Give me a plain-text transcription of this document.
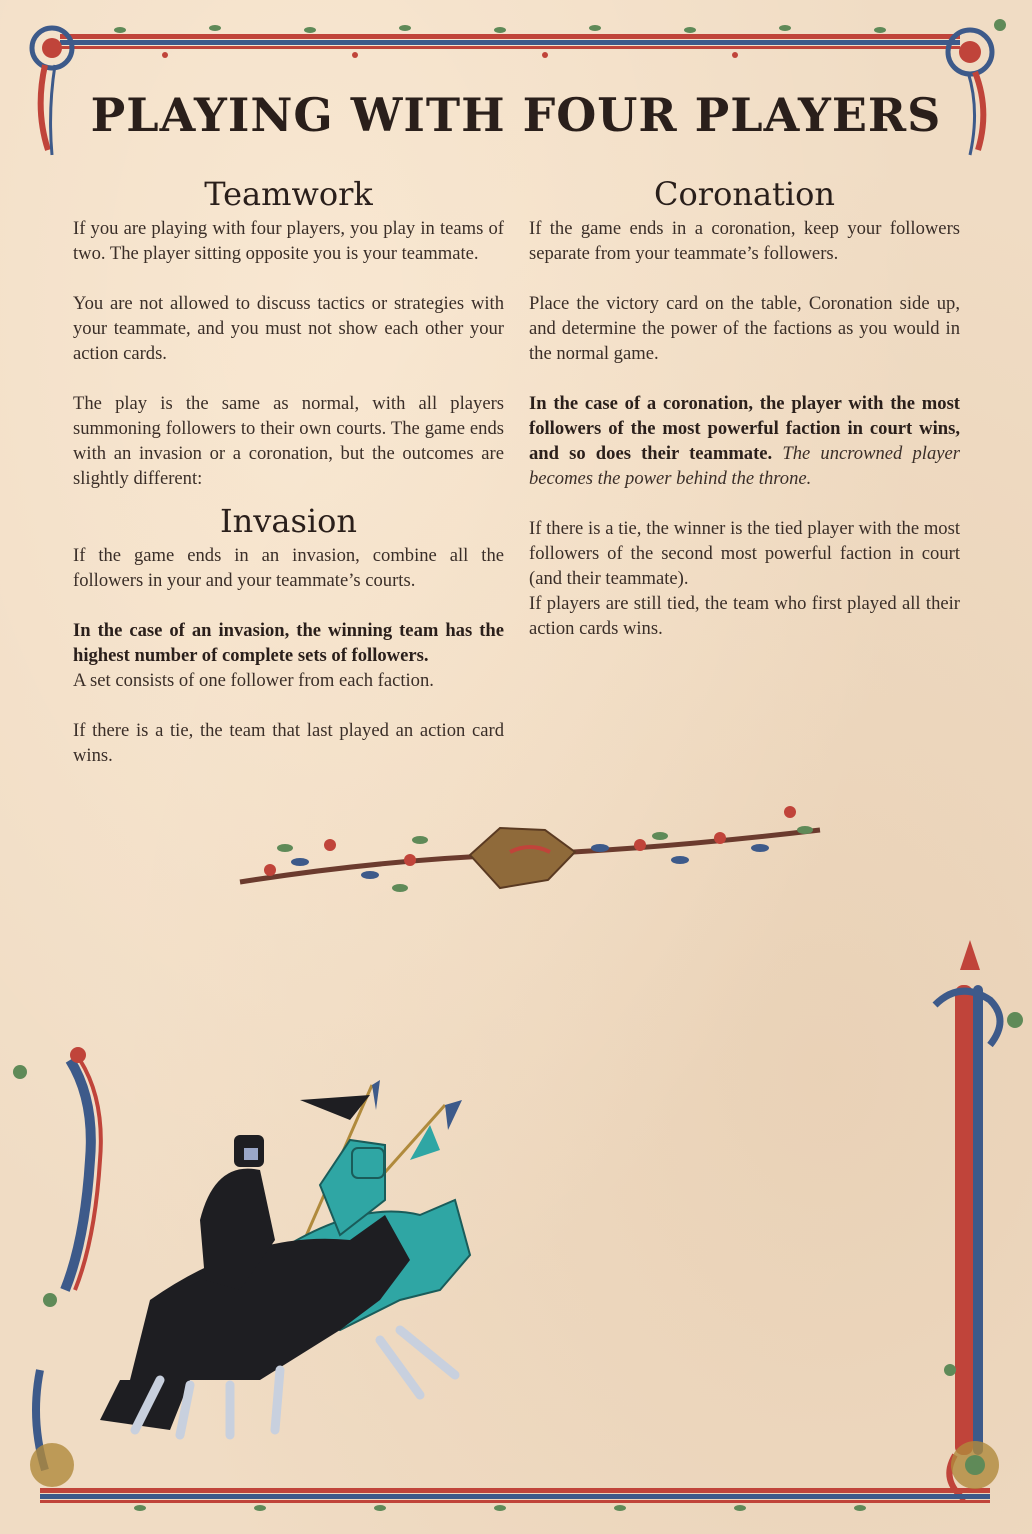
PLAYING WITH FOUR PLAYERS
Teamwork

If you are playing with four players, you play in teams of two. The player sitting opposite you is your teammate.

You are not allowed to discuss tactics or strategies with your teammate, and you must not show each other your action cards.

The play is the same as normal, with all players summoning followers to their own courts. The game ends with an invasion or a coronation, but the outcomes are slightly different:

Invasion

If the game ends in an invasion, combine all the followers in your and your teammate’s courts.

In the case of an invasion, the winning team has the highest number of complete sets of followers.

A set consists of one follower from each faction.

If there is a tie, the team that last played an action card wins.

Coronation

If the game ends in a coronation, keep your followers separate from your teammate’s followers.

Place the victory card on the table, Coronation side up, and determine the power of the factions as you would in the normal game.

In the case of a coronation, the player with the most followers of the most powerful faction in court wins, and so does their teammate. The uncrowned player becomes the power behind the throne.

If there is a tie, the winner is the tied player with the most followers of the second most powerful faction in court (and their teammate).

If players are still tied, the team who first played all their action cards wins.
